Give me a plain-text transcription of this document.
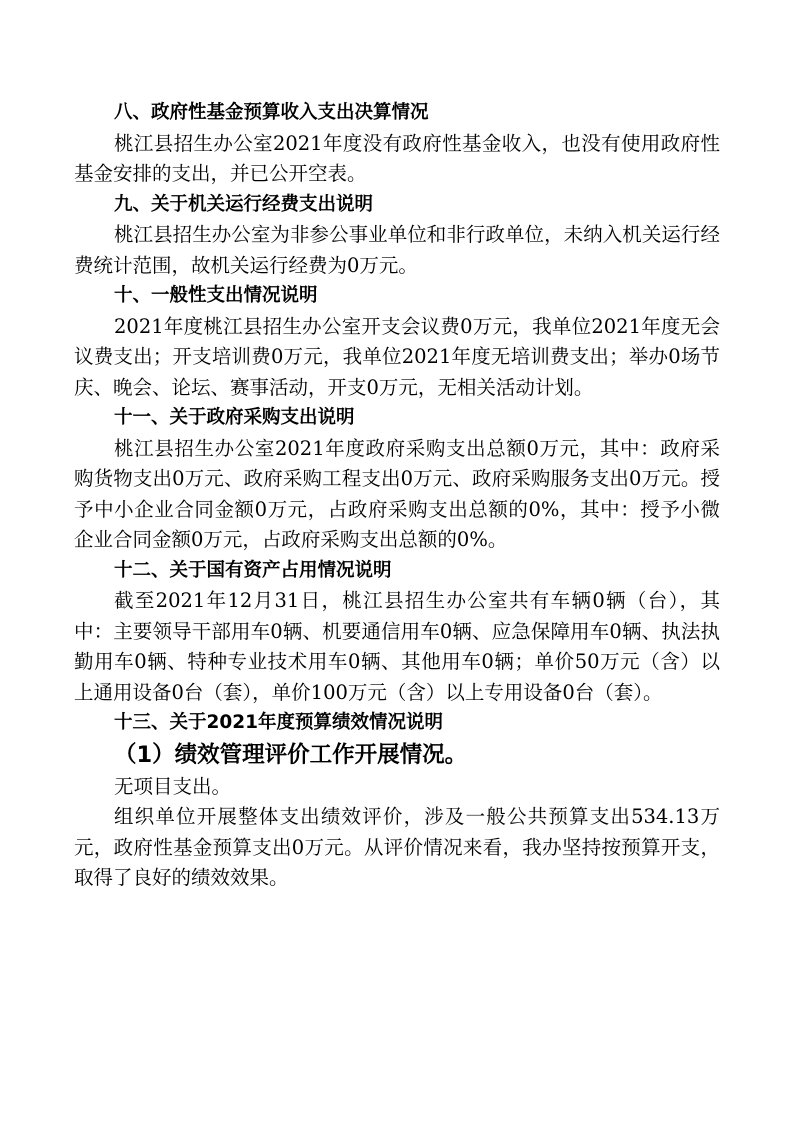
八、政府性基金预算收入支出决算情况

桃江县招生办公室2021年度没有政府性基金收入，也没有使用政府性基金安排的支出，并已公开空表。

九、关于机关运行经费支出说明

桃江县招生办公室为非参公事业单位和非行政单位，未纳入机关运行经费统计范围，故机关运行经费为0万元。

十、一般性支出情况说明

2021年度桃江县招生办公室开支会议费0万元，我单位2021年度无会议费支出；开支培训费0万元，我单位2021年度无培训费支出；举办0场节庆、晚会、论坛、赛事活动，开支0万元，无相关活动计划。

十一、关于政府采购支出说明

桃江县招生办公室2021年度政府采购支出总额0万元，其中：政府采购货物支出0万元、政府采购工程支出0万元、政府采购服务支出0万元。授予中小企业合同金额0万元，占政府采购支出总额的0%，其中：授予小微企业合同金额0万元，占政府采购支出总额的0%。

十二、关于国有资产占用情况说明

截至2021年12月31日，桃江县招生办公室共有车辆0辆（台），其中：主要领导干部用车0辆、机要通信用车0辆、应急保障用车0辆、执法执勤用车0辆、特种专业技术用车0辆、其他用车0辆；单价50万元（含）以上通用设备0台（套），单价100万元（含）以上专用设备0台（套）。

十三、关于2021年度预算绩效情况说明

（1）绩效管理评价工作开展情况。

无项目支出。

组织单位开展整体支出绩效评价，涉及一般公共预算支出534.13万元，政府性基金预算支出0万元。从评价情况来看，我办坚持按预算开支，取得了良好的绩效效果。
